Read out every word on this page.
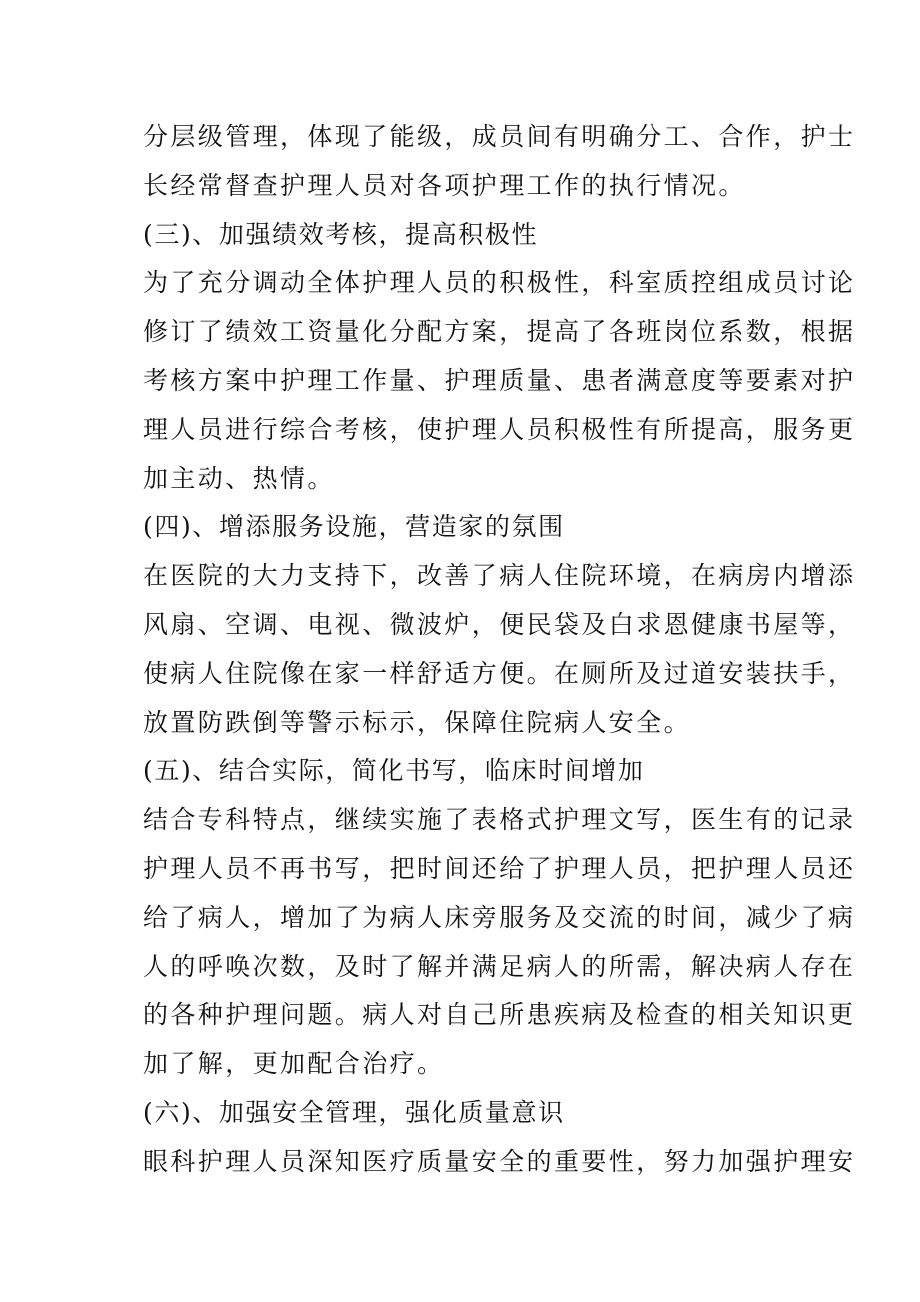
分层级管理，体现了能级，成员间有明确分工、合作，护士
长经常督查护理人员对各项护理工作的执行情况。
(三)、加强绩效考核，提高积极性
为了充分调动全体护理人员的积极性，科室质控组成员讨论
修订了绩效工资量化分配方案，提高了各班岗位系数，根据
考核方案中护理工作量、护理质量、患者满意度等要素对护
理人员进行综合考核，使护理人员积极性有所提高，服务更
加主动、热情。
(四)、增添服务设施，营造家的氛围
在医院的大力支持下，改善了病人住院环境，在病房内增添
风扇、空调、电视、微波炉，便民袋及白求恩健康书屋等，
使病人住院像在家一样舒适方便。在厕所及过道安装扶手，
放置防跌倒等警示标示，保障住院病人安全。
(五)、结合实际，简化书写，临床时间增加
结合专科特点，继续实施了表格式护理文写，医生有的记录
护理人员不再书写，把时间还给了护理人员，把护理人员还
给了病人，增加了为病人床旁服务及交流的时间，减少了病
人的呼唤次数，及时了解并满足病人的所需，解决病人存在
的各种护理问题。病人对自己所患疾病及检查的相关知识更
加了解，更加配合治疗。
(六)、加强安全管理，强化质量意识
眼科护理人员深知医疗质量安全的重要性，努力加强护理安
